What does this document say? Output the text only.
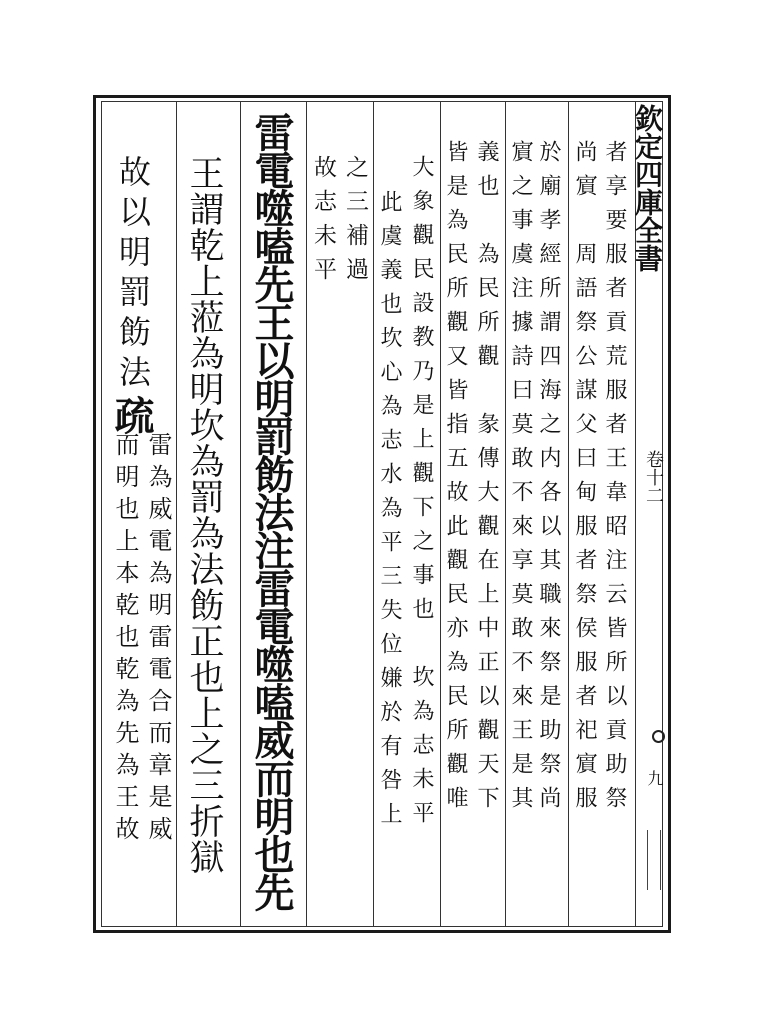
欽定四庫全書
卷十二
九
尚賔　周語祭公謀父曰甸服者祭侯服者祀賔服 者享要服者貢荒服者王韋昭注云皆所以貢助祭
於廟孝經所謂四海之内各以其職來祭是助祭尚
賔之事虞注據詩曰莫敢不來享莫敢不來王是其
義也　為民所觀　彖傳大觀在上中正以觀天下
皆是為民所觀又皆指五故此觀民亦為民所觀唯
大象觀民設教乃是上觀下之事也　坎為志未平
此虞義也坎心為志水為平三失位嫌於有咎上
之三補過
故志未平
雷電噬嗑先王以明罰飭法注雷電噬嗑威而明也先
王謂乾上蒞為明坎為罰為法飭正也上之三折獄
故以明罰飭法
疏
雷為威電為明雷電合而章是威
而明也上本乾也乾為先為王故
